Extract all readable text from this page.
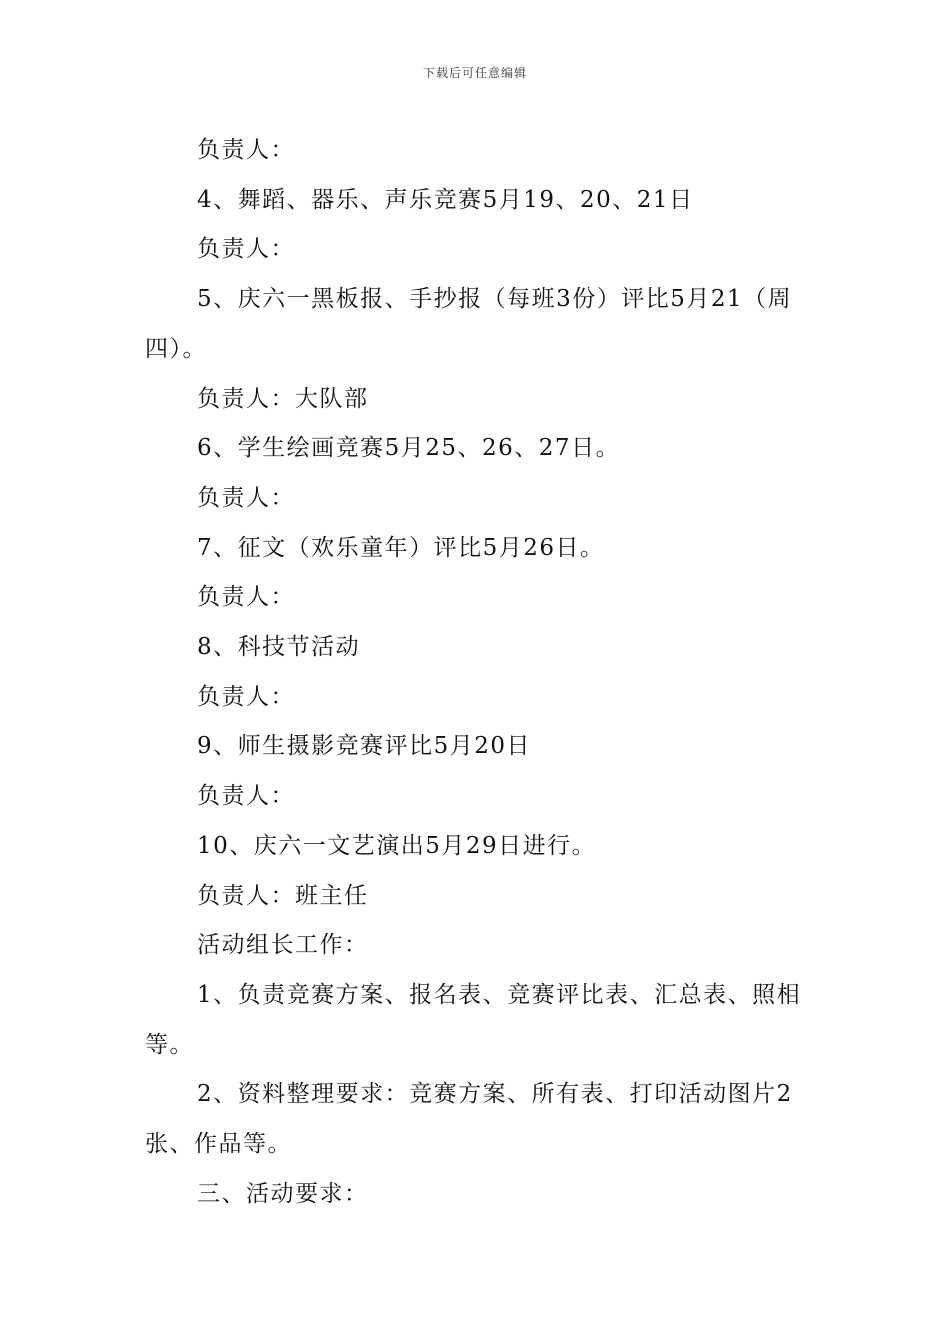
下载后可任意编辑

负责人：

4、舞蹈、器乐、声乐竞赛5月19、20、21日

负责人：

5、庆六一黑板报、手抄报（每班3份）评比5月21（周四）。

负责人：大队部

6、学生绘画竞赛5月25、26、27日。

负责人：

7、征文（欢乐童年）评比5月26日。

负责人：

8、科技节活动

负责人：

9、师生摄影竞赛评比5月20日

负责人：

10、庆六一文艺演出5月29日进行。

负责人：班主任

活动组长工作：

1、负责竞赛方案、报名表、竞赛评比表、汇总表、照相等。

2、资料整理要求：竞赛方案、所有表、打印活动图片2张、作品等。

三、活动要求：
